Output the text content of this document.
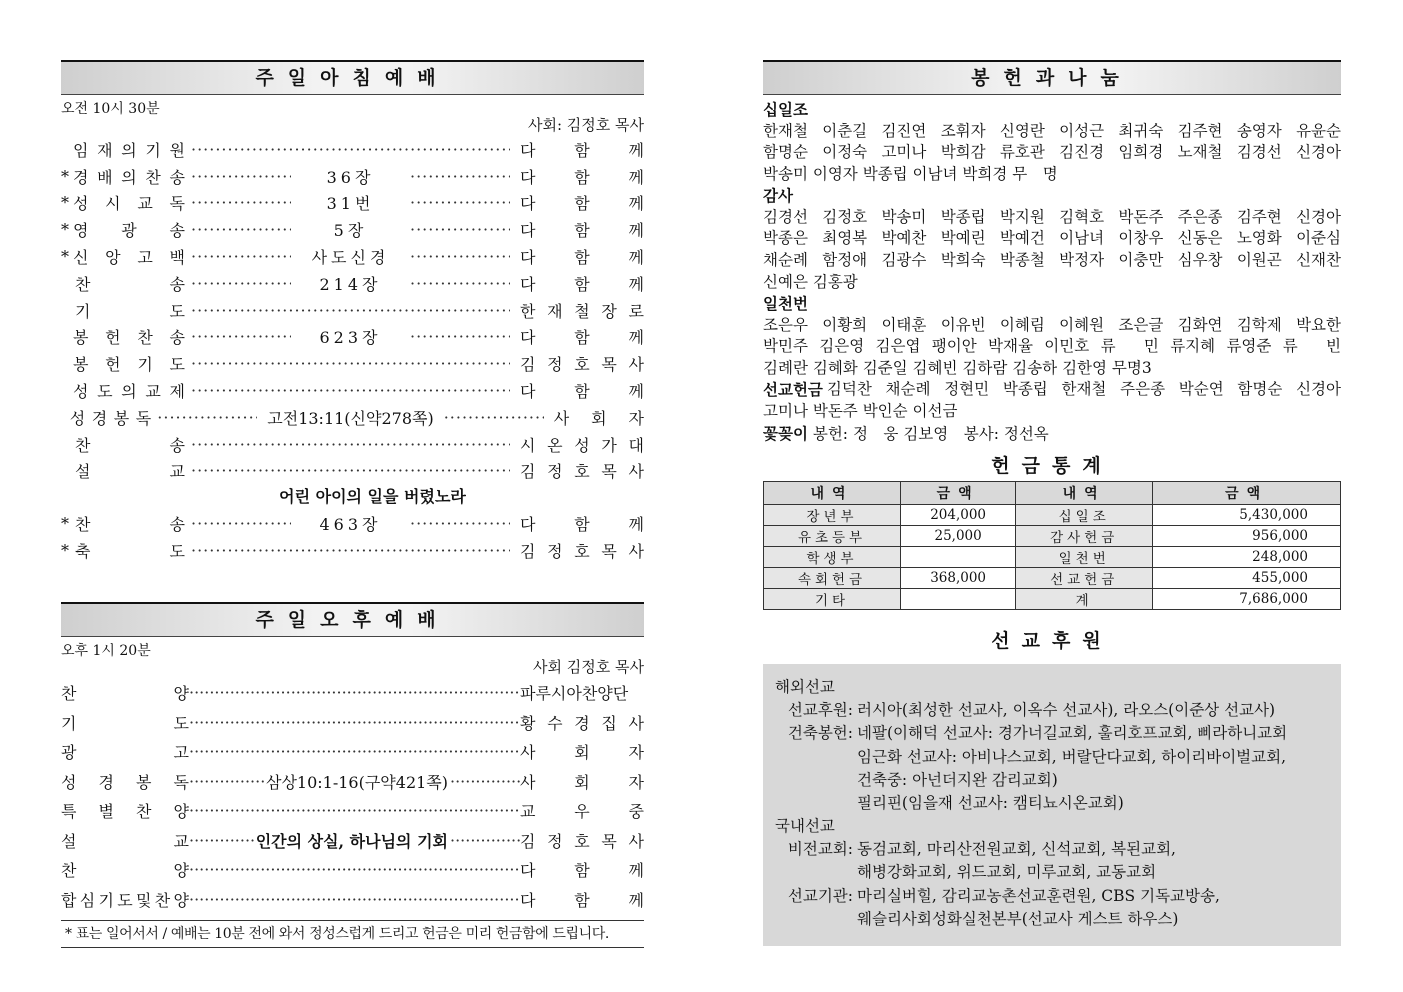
주일아침예배
오전 10시 30분
사회: 김정호 목사
임 재 의 기 원 ·····	다 함 께
* 경 배 의 찬 송 ·····	36장 ·····	다 함 께
* 성 시 교 독 ·····	31번 ·····	다 함 께
* 영 광 송 ·····	5장 ·····	다 함 께
* 신 앙 고 백 ·····	사도신경 ·····	다 함 께
찬	송 ·····	214장 ·····	다 함 께
기	도 ·····	한 재 철 장 로
봉 헌 찬 송 ·····	623장 ·····	다 함 께
봉 헌 기 도 ·····	김 정 호 목 사
성 도 의 교 제 ·····	다 함 께
성 경 봉 독 ·····	고전13:11(신약278쪽) ·····	사 회 자
찬	송 ·····	시 온 성 가 대
설	교 ·····	김 정 호 목 사
어린 아이의 일을 버렸노라
* 찬	송 ·····	463장 ·····	다 함 께
* 축	도 ·····	김 정 호 목 사
주일오후예배
오후 1시 20분
사회 김정호 목사
찬	양 ·····	파루시아찬양단
기	도 ·····	황 수 경 집 사
광	고 ·····	사 회 자
성 경 봉 독 ·····	삼상10:1-16(구약421쪽) ·····	사 회 자
특 별 찬 양 ·····	교 우 중
설	교 ·····	인간의 상실, 하나님의 기회 ·····	김 정 호 목 사
찬	양 ·····	다 함 께
합 심 기 도 및 찬 양 ·····	다 함 께
* 표는 일어서서 / 예배는 10분 전에 와서 정성스럽게 드리고 헌금은 미리 헌금함에 드립니다.
봉헌과나눔
십일조
한재철 이춘길 김진연 조휘자 신영란 이성근 최귀숙 김주현 송영자 유윤순
함명순 이정숙 고미나 박희감 류호관 김진경 임희경 노재철 김경선 신경아
박송미 이영자 박종립 이남녀 박희경 무　명
감사
김경선 김정호 박송미 박종립 박지원 김혁호 박돈주 주은종 김주현 신경아
박종은 최영복 박예찬 박예린 박예건 이남녀 이창우 신동은 노영화 이준심
채순례 함정애 김광수 박희숙 박종철 박정자 이충만 심우창 이원곤 신재찬
신예은 김홍광
일천번
조은우 이황희 이태훈 이유빈 이혜림 이혜원 조은글 김화연 김학제 박요한
박민주 김은영 김은엽 팽이안 박재율 이민호 류　민 류지혜 류영준 류　빈
김례란 김혜화 김준일 김혜빈 김하람 김송하 김한영 무명3
선교헌금 김덕찬 채순례 정현민 박종립 한재철 주은종 박순연 함명순 신경아
고미나 박돈주 박인순 이선금
꽃꽂이 봉헌: 정　웅 김보영　봉사: 정선옥
헌금통계
내역	금액	내역	금액
장년부	204,000	십일조	5,430,000
유초등부	25,000	감사헌금	956,000
학생부		일천번	248,000
속회헌금	368,000	선교헌금	455,000
기타		계	7,686,000
선교후원
해외선교
선교후원: 러시아(최성한 선교사, 이옥수 선교사), 라오스(이준상 선교사)
건축봉헌: 네팔(이해덕 선교사: 경가너길교회, 훌리호프교회, 삐라하니교회
임근화 선교사: 아비나스교회, 버랄단다교회, 하이리바이벌교회,
건축중: 아넌더지완 감리교회)
필리핀(임을재 선교사: 캠티뇨시온교회)
국내선교
비전교회: 동검교회, 마리산전원교회, 신석교회, 복된교회,
해병강화교회, 위드교회, 미루교회, 교동교회
선교기관: 마리실버힐, 감리교농촌선교훈련원, CBS 기독교방송,
웨슬리사회성화실천본부(선교사 게스트 하우스)
